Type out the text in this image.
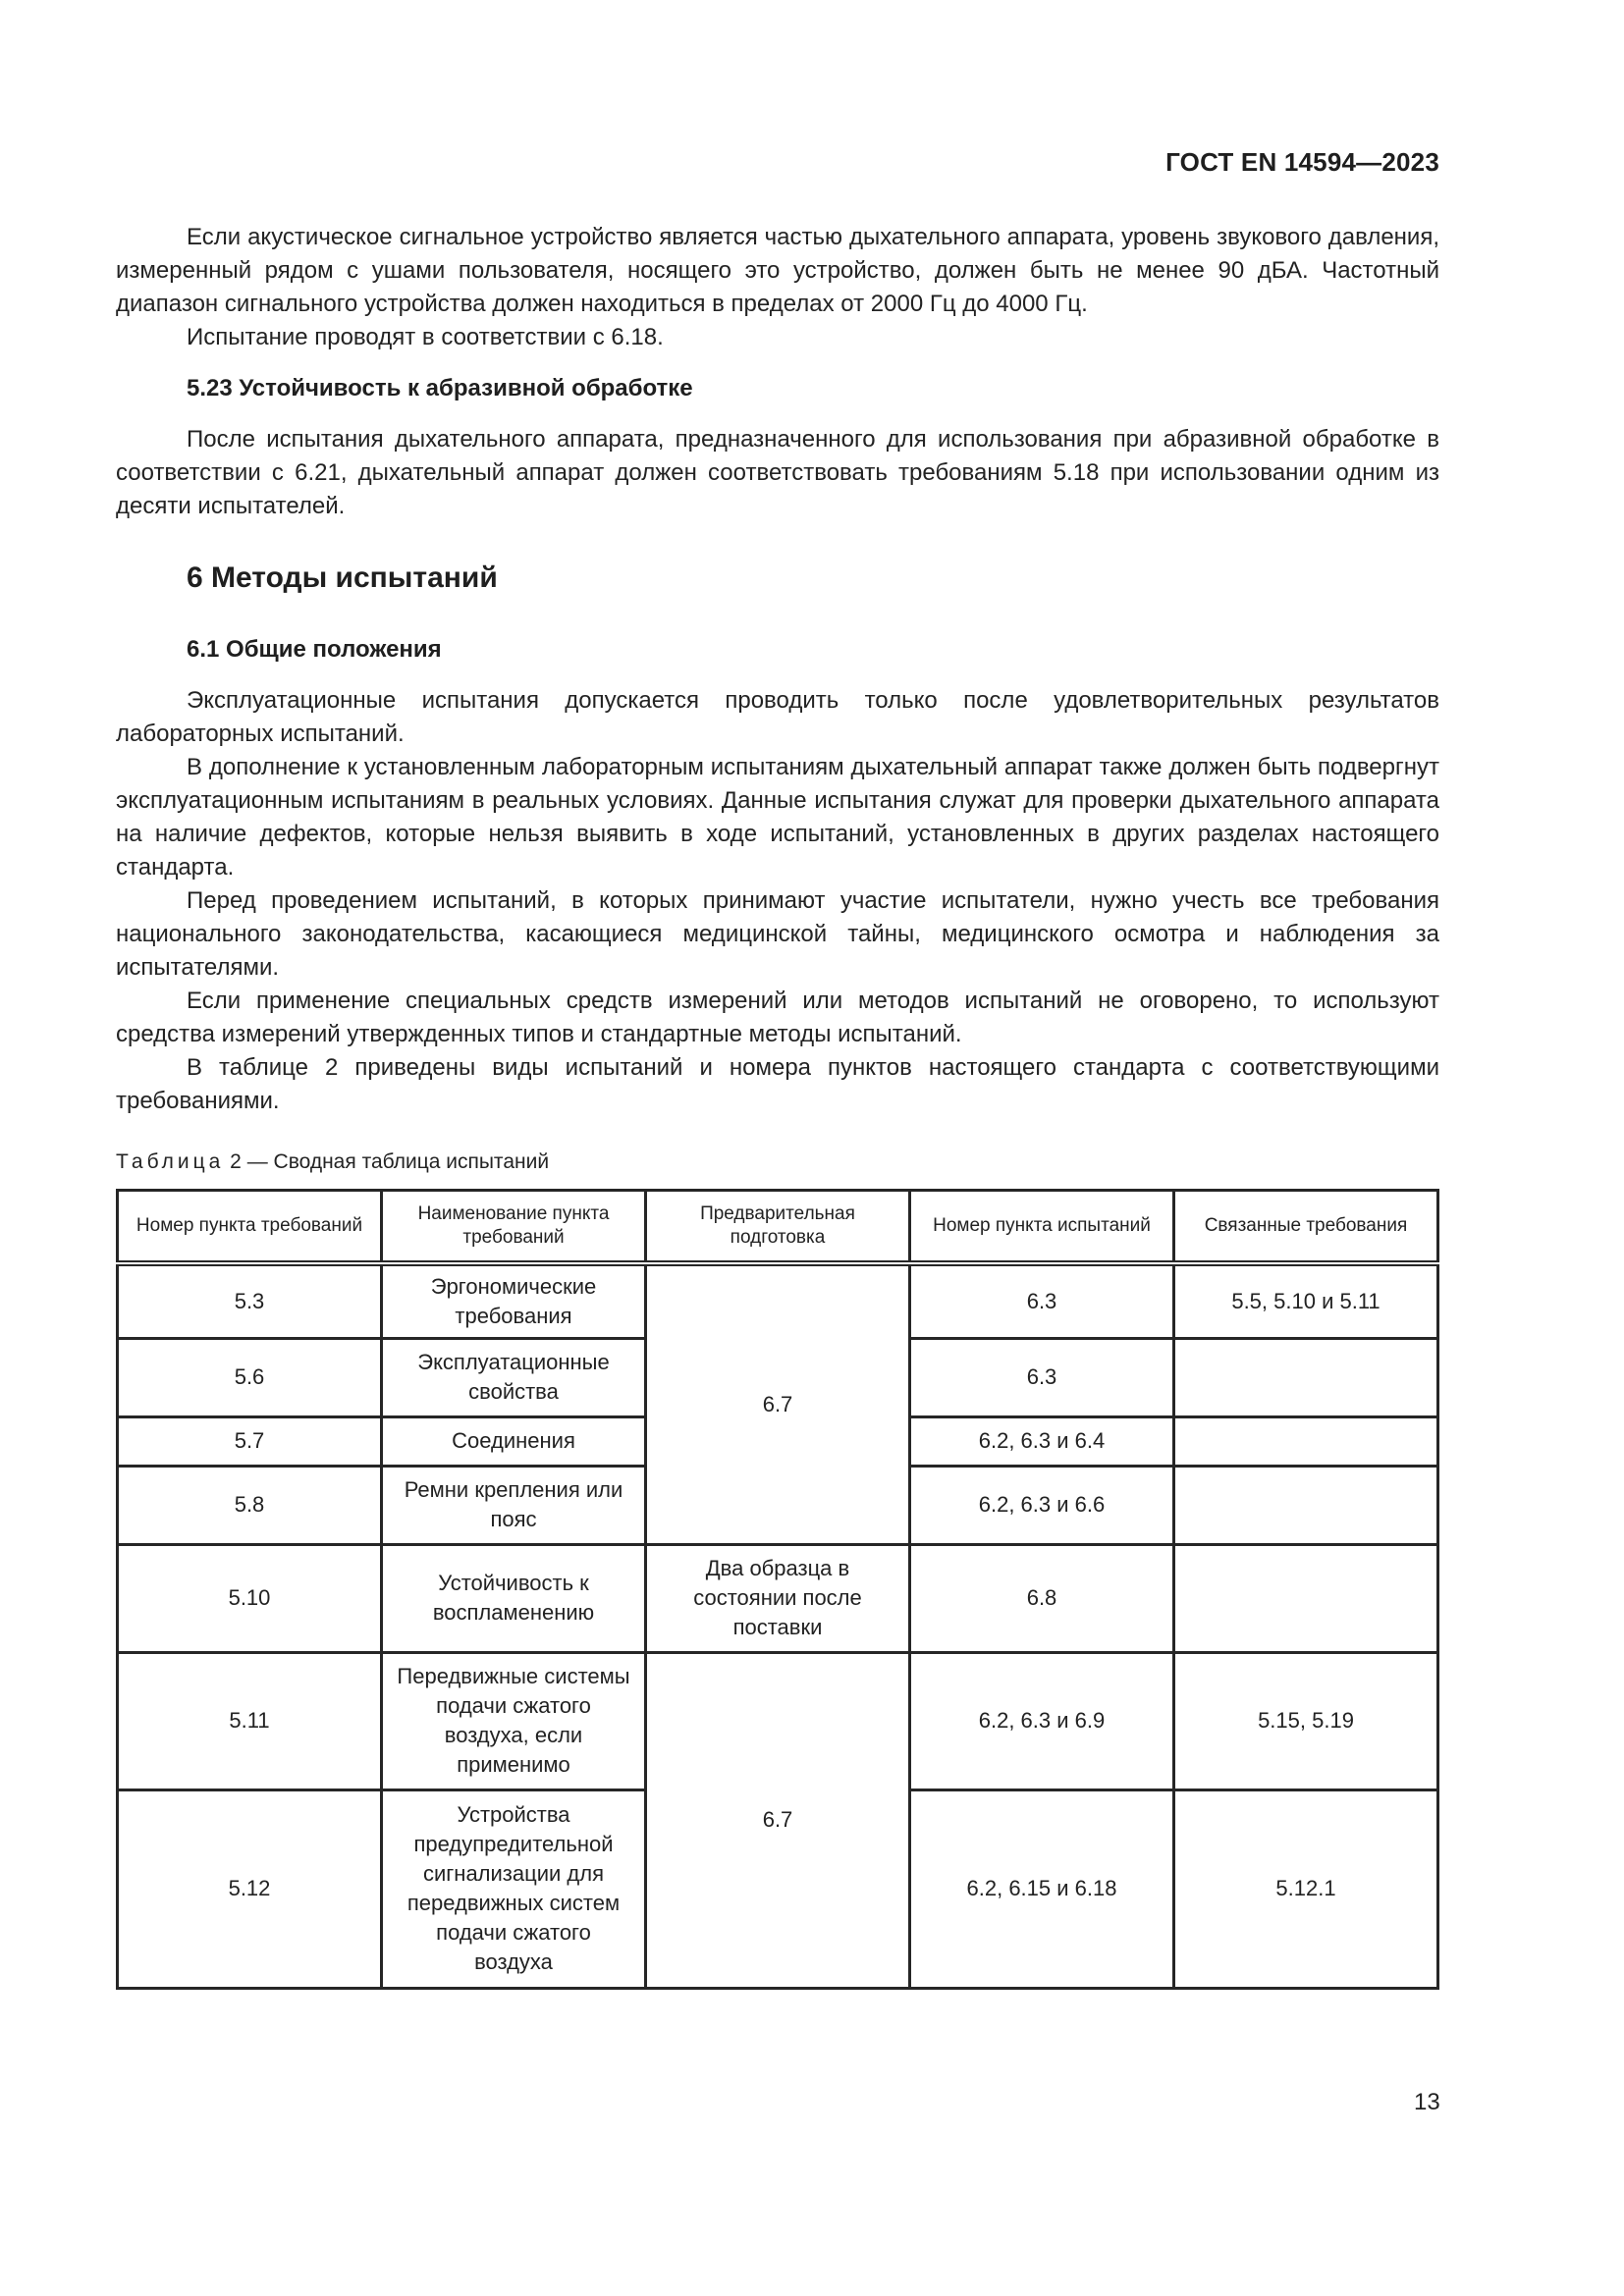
ГОСТ EN 14594—2023

Если акустическое сигнальное устройство является частью дыхательного аппарата, уровень звукового давления, измеренный рядом с ушами пользователя, носящего это устройство, должен быть не менее 90 дБА. Частотный диапазон сигнального устройства должен находиться в пределах от 2000 Гц до 4000 Гц.

Испытание проводят в соответствии с 6.18.

5.23 Устойчивость к абразивной обработке

После испытания дыхательного аппарата, предназначенного для использования при абразивной обработке в соответствии с 6.21, дыхательный аппарат должен соответствовать требованиям 5.18 при использовании одним из десяти испытателей.

6 Методы испытаний
6.1 Общие положения

Эксплуатационные испытания допускается проводить только после удовлетворительных результатов лабораторных испытаний.

В дополнение к установленным лабораторным испытаниям дыхательный аппарат также должен быть подвергнут эксплуатационным испытаниям в реальных условиях. Данные испытания служат для проверки дыхательного аппарата на наличие дефектов, которые нельзя выявить в ходе испытаний, установленных в других разделах настоящего стандарта.

Перед проведением испытаний, в которых принимают участие испытатели, нужно учесть все требования национального законодательства, касающиеся медицинской тайны, медицинского осмотра и наблюдения за испытателями.

Если применение специальных средств измерений или методов испытаний не оговорено, то используют средства измерений утвержденных типов и стандартные методы испытаний.

В таблице 2 приведены виды испытаний и номера пунктов настоящего стандарта с соответствующими требованиями.

Таблица 2 — Сводная таблица испытаний
Номер пункта требований	Наименование пункта требований	Предварительная подготовка	Номер пункта испытаний	Связанные требования
5.3	Эргономические требования	6.7	6.3	5.5, 5.10 и 5.11
5.6	Эксплуатационные свойства		6.3	
5.7	Соединения		6.2, 6.3 и 6.4	
5.8	Ремни крепления или пояс		6.2, 6.3 и 6.6	
5.10	Устойчивость к воспламенению	Два образца в состоянии после поставки	6.8	
5.11	Передвижные системы подачи сжатого воздуха, если применимо	6.7	6.2, 6.3 и 6.9	5.15, 5.19
5.12	Устройства предупредительной сигнализации для передвижных систем подачи сжатого воздуха		6.2, 6.15 и 6.18	5.12.1
13
